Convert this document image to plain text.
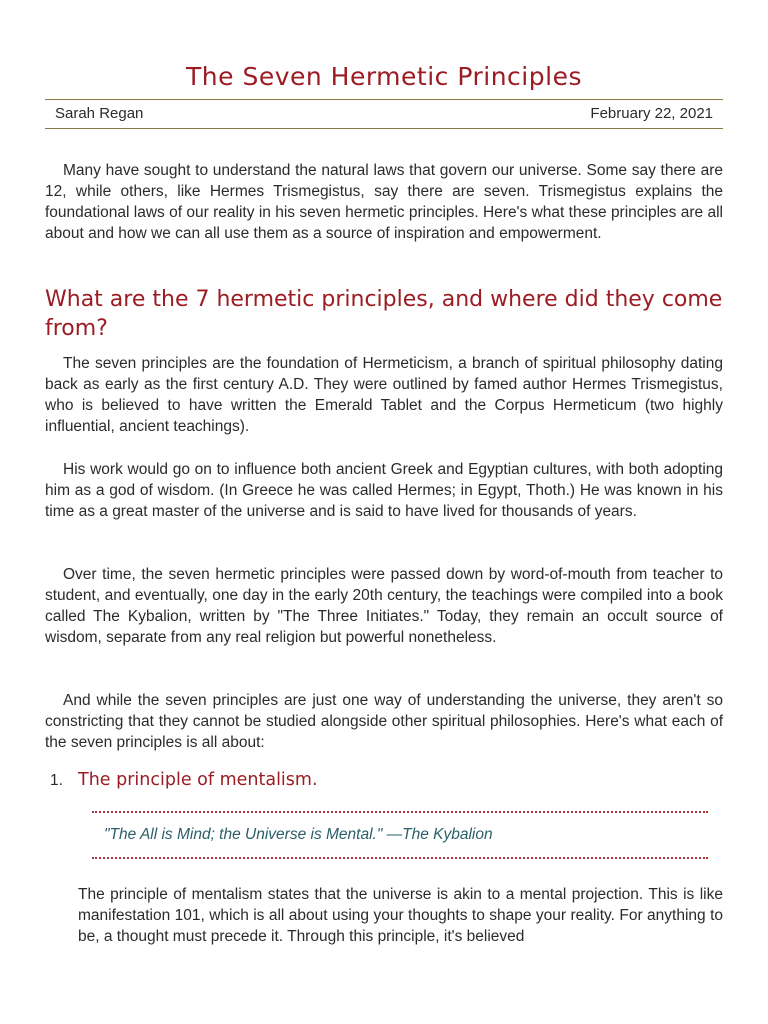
The Seven Hermetic Principles
Sarah Regan	February 22, 2021

Many have sought to understand the natural laws that govern our universe. Some say there are 12, while others, like Hermes Trismegistus, say there are seven. Trismegistus explains the foundational laws of our reality in his seven hermetic principles. Here's what these principles are all about and how we can all use them as a source of inspiration and empowerment.

What are the 7 hermetic principles, and where did they come from?

The seven principles are the foundation of Hermeticism, a branch of spiritual philosophy dating back as early as the first century A.D. They were outlined by famed author Hermes Trismegistus, who is believed to have written the Emerald Tablet and the Corpus Hermeticum (two highly influential, ancient teachings).

His work would go on to influence both ancient Greek and Egyptian cultures, with both adopting him as a god of wisdom. (In Greece he was called Hermes; in Egypt, Thoth.) He was known in his time as a great master of the universe and is said to have lived for thousands of years.

Over time, the seven hermetic principles were passed down by word-of-mouth from teacher to student, and eventually, one day in the early 20th century, the teachings were compiled into a book called The Kybalion, written by "The Three Initiates." Today, they remain an occult source of wisdom, separate from any real religion but powerful nonetheless.

And while the seven principles are just one way of understanding the universe, they aren't so constricting that they cannot be studied alongside other spiritual philosophies. Here's what each of the seven principles is all about:

1. The principle of mentalism.

"The All is Mind; the Universe is Mental." —The Kybalion

The principle of mentalism states that the universe is akin to a mental projection. This is like manifestation 101, which is all about using your thoughts to shape your reality. For anything to be, a thought must precede it. Through this principle, it's believed
